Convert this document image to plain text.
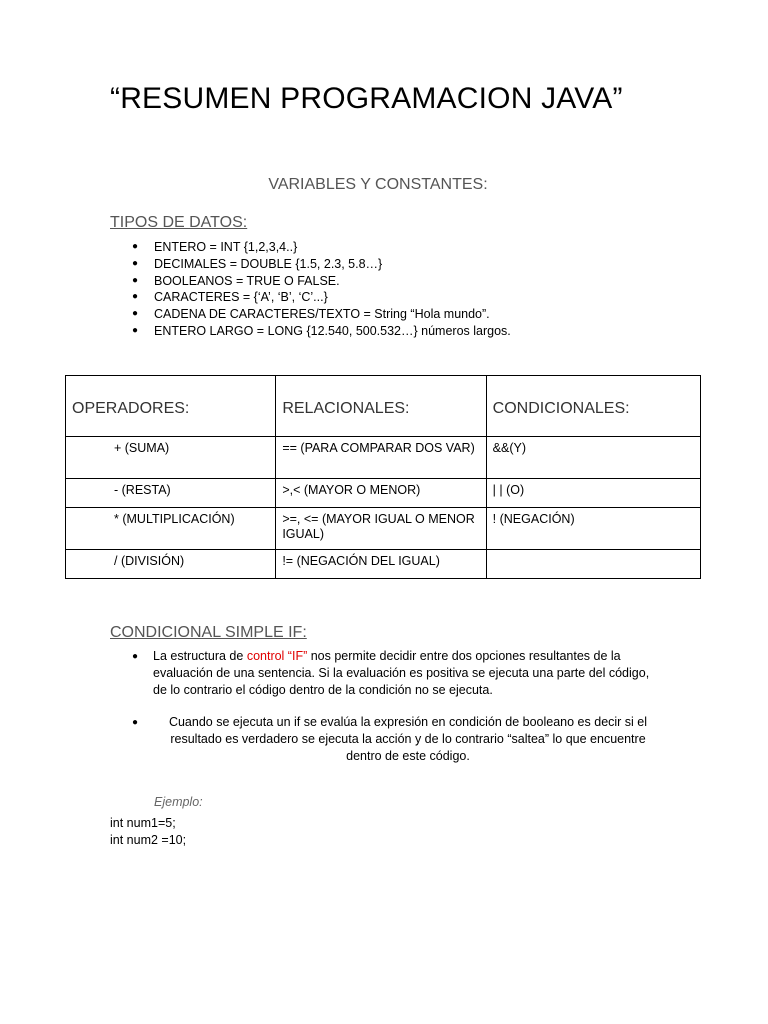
“RESUMEN PROGRAMACION JAVA”
VARIABLES Y CONSTANTES:
TIPOS DE DATOS:
● ENTERO = INT {1,2,3,4..}
● DECIMALES = DOUBLE {1.5, 2.3, 5.8…}
● BOOLEANOS = TRUE O FALSE.
● CARACTERES = {‘A’, ‘B’, ‘C’...}
● CADENA DE CARACTERES/TEXTO = String “Hola mundo”.
● ENTERO LARGO = LONG {12.540, 500.532…} números largos.
OPERADORES:	RELACIONALES:	CONDICIONALES:
+ (SUMA)	== (PARA COMPARAR DOS VAR)	&&(Y)
- (RESTA)	>,< (MAYOR O MENOR)	| | (O)
* (MULTIPLICACIÓN)	>=, <= (MAYOR IGUAL O MENOR IGUAL)	! (NEGACIÓN)
/ (DIVISIÓN)	!= (NEGACIÓN DEL IGUAL)	
CONDICIONAL SIMPLE IF:

● La estructura de control “IF” nos permite decidir entre dos opciones resultantes de la evaluación de una sentencia. Si la evaluación es positiva se ejecuta una parte del código, de lo contrario el código dentro de la condición no se ejecuta.

● Cuando se ejecuta un if se evalúa la expresión en condición de booleano es decir si el resultado es verdadero se ejecuta la acción y de lo contrario “saltea” lo que encuentre dentro de este código.

Ejemplo:

int num1=5;

int num2 =10;
